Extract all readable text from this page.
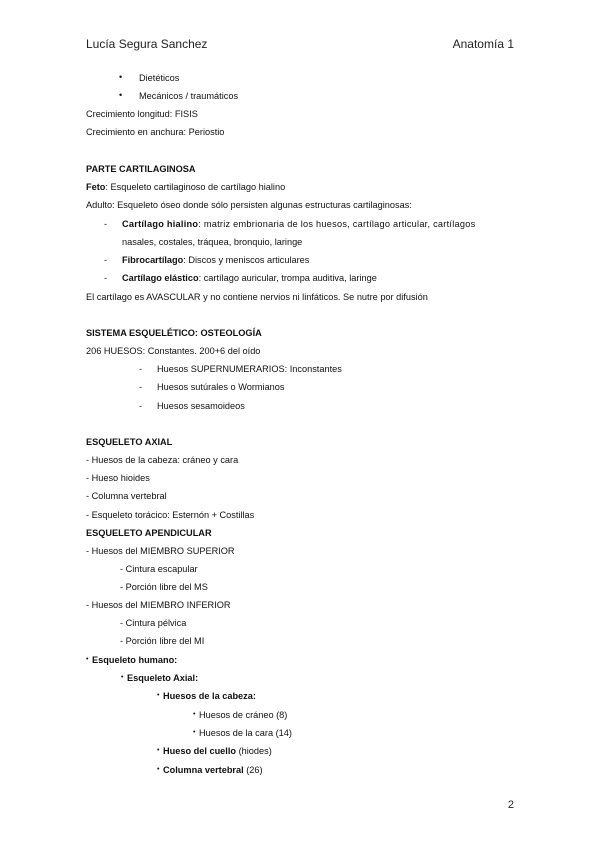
Lucía Segura Sanchez	Anatomía 1
• Dietéticos
• Mecánicos / traumáticos
Crecimiento longitud: FISIS
Crecimiento en anchura: Periostio
PARTE CARTILAGINOSA
Feto: Esqueleto cartilaginoso de cartílago hialino
Adulto: Esqueleto óseo donde sólo persisten algunas estructuras cartilaginosas:
- Cartílago hialino: matriz embrionaria de los huesos, cartílago articular, cartílagos
nasales, costales, tráquea, bronquio, laringe
- Fibrocartílago: Discos y meniscos articulares
- Cartílago elástico: cartílago auricular, trompa auditiva, laringe
El cartílago es AVASCULAR y no contiene nervios ni linfáticos. Se nutre por difusión
SISTEMA ESQUELÉTICO: OSTEOLOGÍA
206 HUESOS: Constantes. 200+6 del oído
- Huesos SUPERNUMERARIOS: Inconstantes
- Huesos sutúrales o Wormianos
- Huesos sesamoideos
ESQUELETO AXIAL
- Huesos de la cabeza: cráneo y cara
- Hueso hioides
- Columna vertebral
- Esqueleto torácico: Esternón + Costillas
ESQUELETO APENDICULAR
- Huesos del MIEMBRO SUPERIOR
- Cintura escapular
- Porción libre del MS
- Huesos del MIEMBRO INFERIOR
- Cintura pélvica
- Porción libre del MI
• Esqueleto humano:
• Esqueleto Axial:
• Huesos de la cabeza:
• Huesos de cráneo (8)
• Huesos de la cara (14)
• Hueso del cuello (hiodes)
• Columna vertebral (26)
2
